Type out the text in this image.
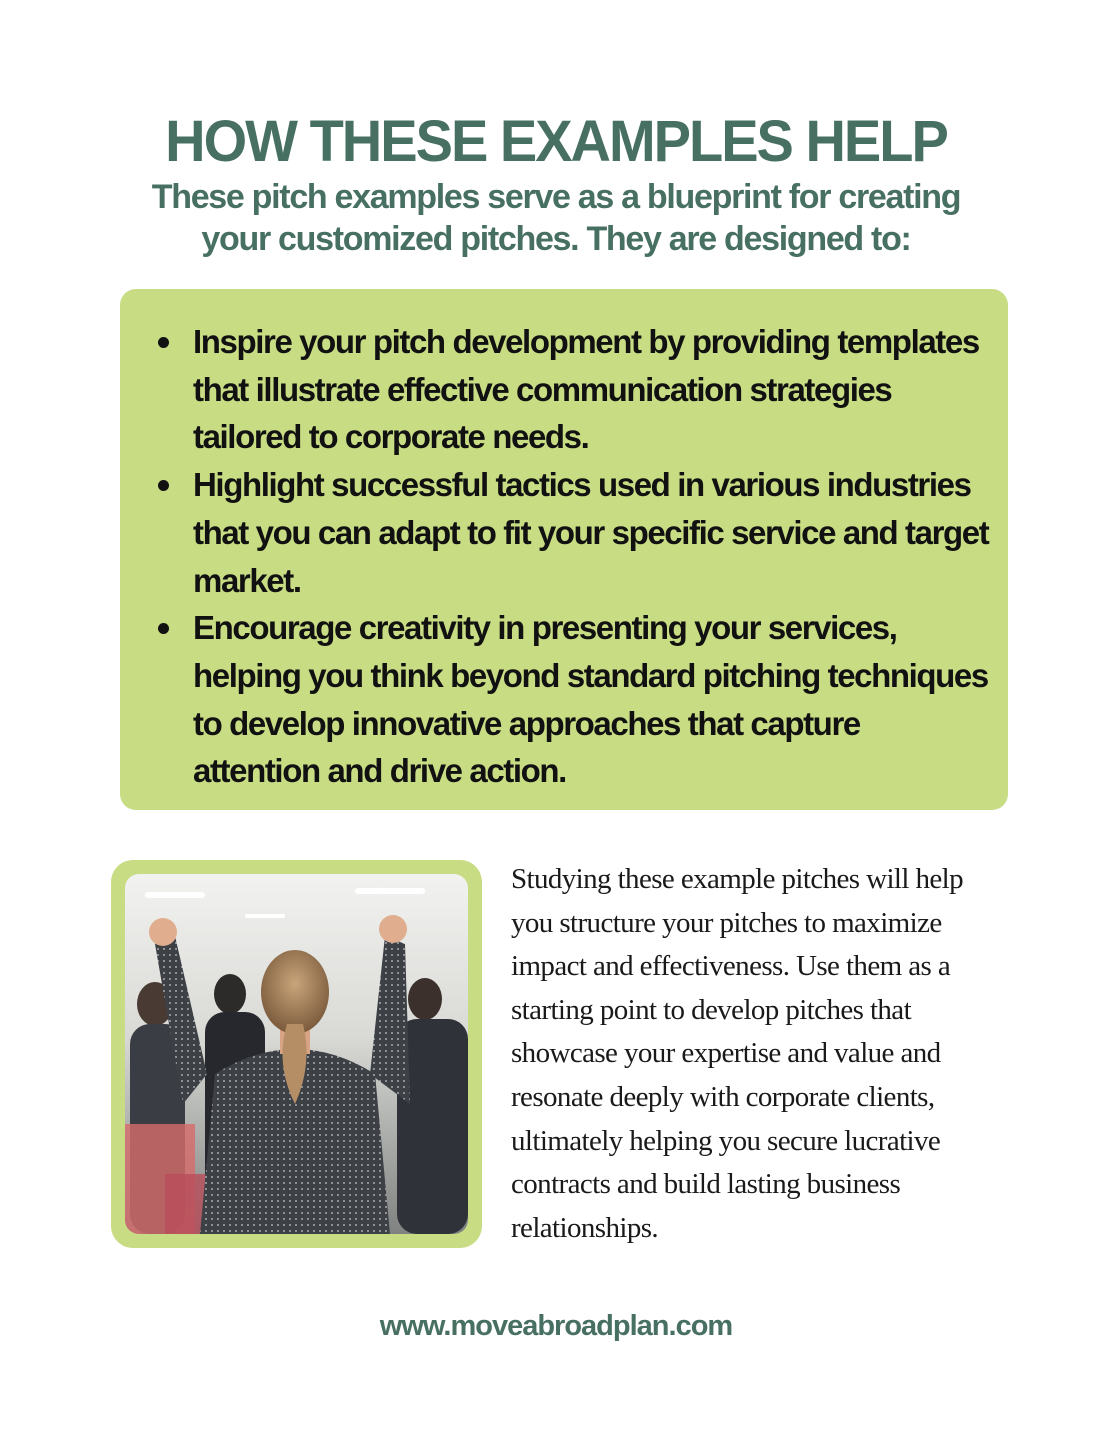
HOW THESE EXAMPLES HELP
These pitch examples serve as a blueprint for creating your customized pitches. They are designed to:
Inspire your pitch development by providing templates that illustrate effective communication strategies tailored to corporate needs.
Highlight successful tactics used in various industries that you can adapt to fit your specific service and target market.
Encourage creativity in presenting your services, helping you think beyond standard pitching techniques to develop innovative approaches that capture attention and drive action.
Studying these example pitches will help you structure your pitches to maximize impact and effectiveness. Use them as a starting point to develop pitches that showcase your expertise and value and resonate deeply with corporate clients, ultimately helping you secure lucrative contracts and build lasting business relationships.
www.moveabroadplan.com
